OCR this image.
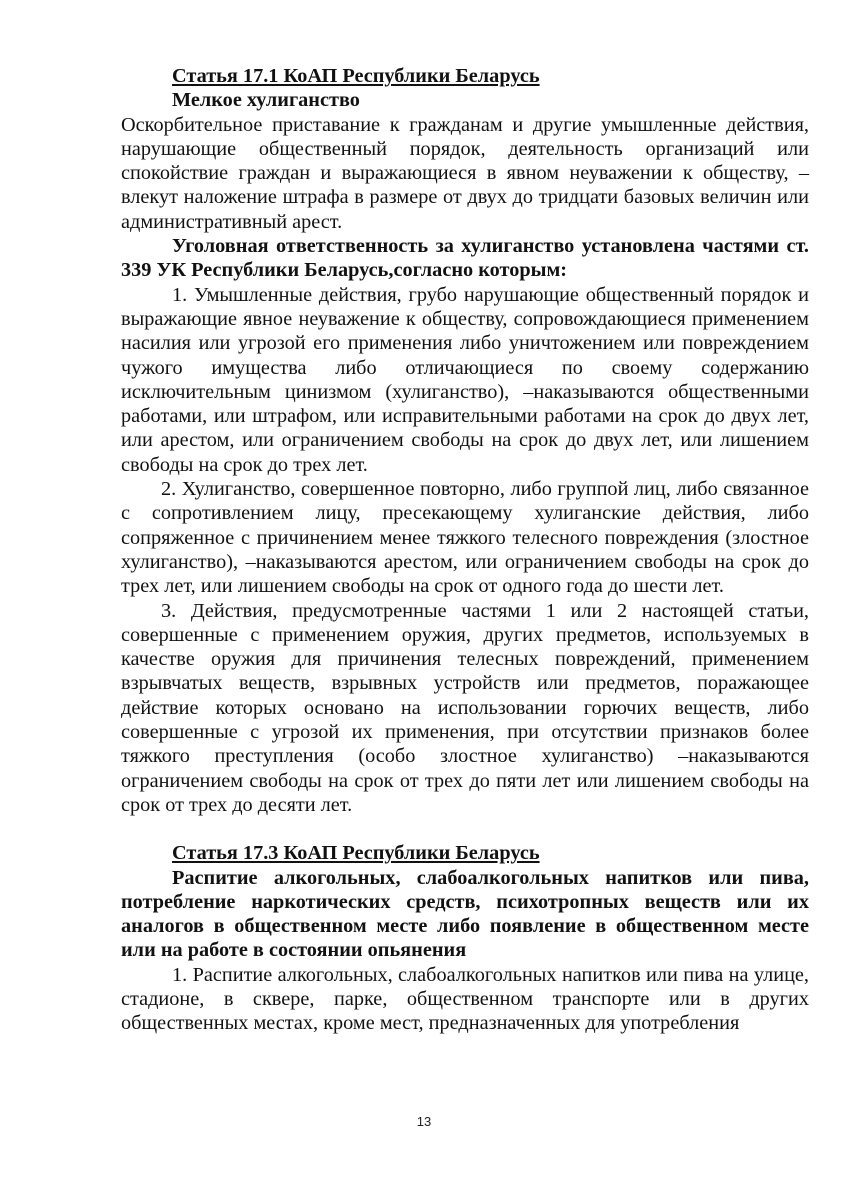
Статья 17.1 КоАП Республики Беларусь

Мелкое хулиганство

Оскорбительное приставание к гражданам и другие умышленные действия, нарушающие общественный порядок, деятельность организаций или спокойствие граждан и выражающиеся в явном неуважении к обществу, – влекут наложение штрафа в размере от двух до тридцати базовых величин или административный арест.

Уголовная ответственность за хулиганство установлена частями ст. 339 УК Республики Беларусь,согласно которым:

1. Умышленные действия, грубо нарушающие общественный порядок и выражающие явное неуважение к обществу, сопровождающиеся применением насилия или угрозой его применения либо уничтожением или повреждением чужого имущества либо отличающиеся по своему содержанию исключительным цинизмом (хулиганство), –наказываются общественными работами, или штрафом, или исправительными работами на срок до двух лет, или арестом, или ограничением свободы на срок до двух лет, или лишением свободы на срок до трех лет.

2. Хулиганство, совершенное повторно, либо группой лиц, либо связанное с сопротивлением лицу, пресекающему хулиганские действия, либо сопряженное с причинением менее тяжкого телесного повреждения (злостное хулиганство), –наказываются арестом, или ограничением свободы на срок до трех лет, или лишением свободы на срок от одного года до шести лет.

3. Действия, предусмотренные частями 1 или 2 настоящей статьи, совершенные с применением оружия, других предметов, используемых в качестве оружия для причинения телесных повреждений, применением взрывчатых веществ, взрывных устройств или предметов, поражающее действие которых основано на использовании горючих веществ, либо совершенные с угрозой их применения, при отсутствии признаков более тяжкого преступления (особо злостное хулиганство) –наказываются ограничением свободы на срок от трех до пяти лет или лишением свободы на срок от трех до десяти лет.

Статья 17.3 КоАП Республики Беларусь

Распитие алкогольных, слабоалкогольных напитков или пива, потребление наркотических средств, психотропных веществ или их аналогов в общественном месте либо появление в общественном месте или на работе в состоянии опьянения

1. Распитие алкогольных, слабоалкогольных напитков или пива на улице, стадионе, в сквере, парке, общественном транспорте или в других общественных местах, кроме мест, предназначенных для употребления

13
